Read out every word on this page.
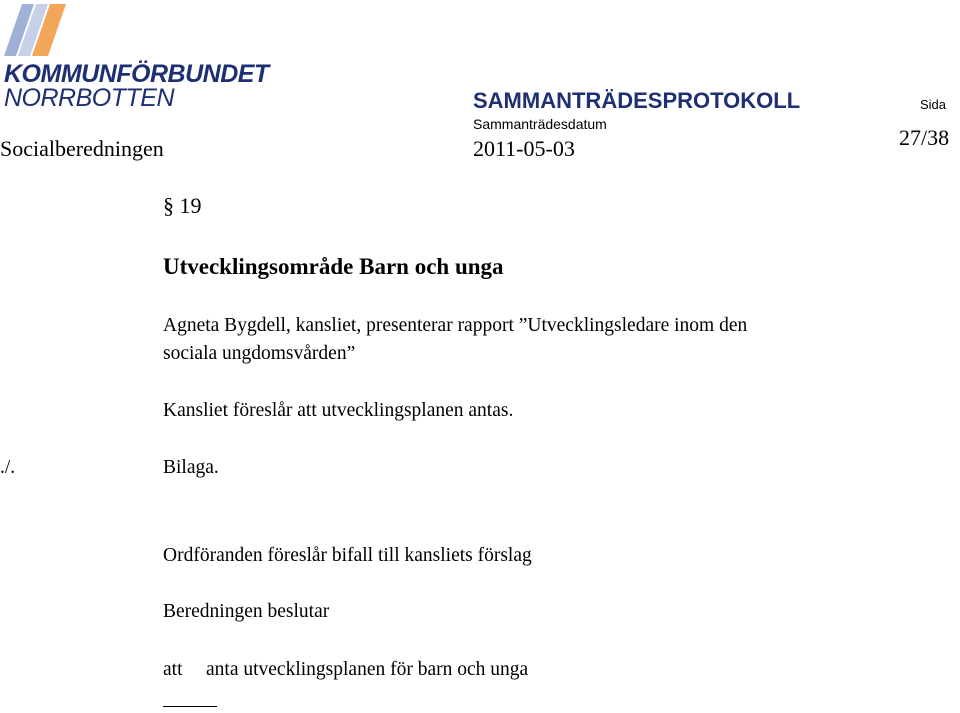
KOMMUNFÖRBUNDET
NORRBOTTEN	SAMMANTRÄDESPROTOKOLL	Sida
Sammanträdesdatum
Socialberedningen	2011-05-03	27/38
§ 19
Utvecklingsområde Barn och unga
Agneta Bygdell, kansliet, presenterar rapport ”Utvecklingsledare inom den
sociala ungdomsvården”
Kansliet föreslår att utvecklingsplanen antas.
./.	Bilaga.
Ordföranden föreslår bifall till kansliets förslag
Beredningen beslutar
att anta utvecklingsplanen för barn och unga
